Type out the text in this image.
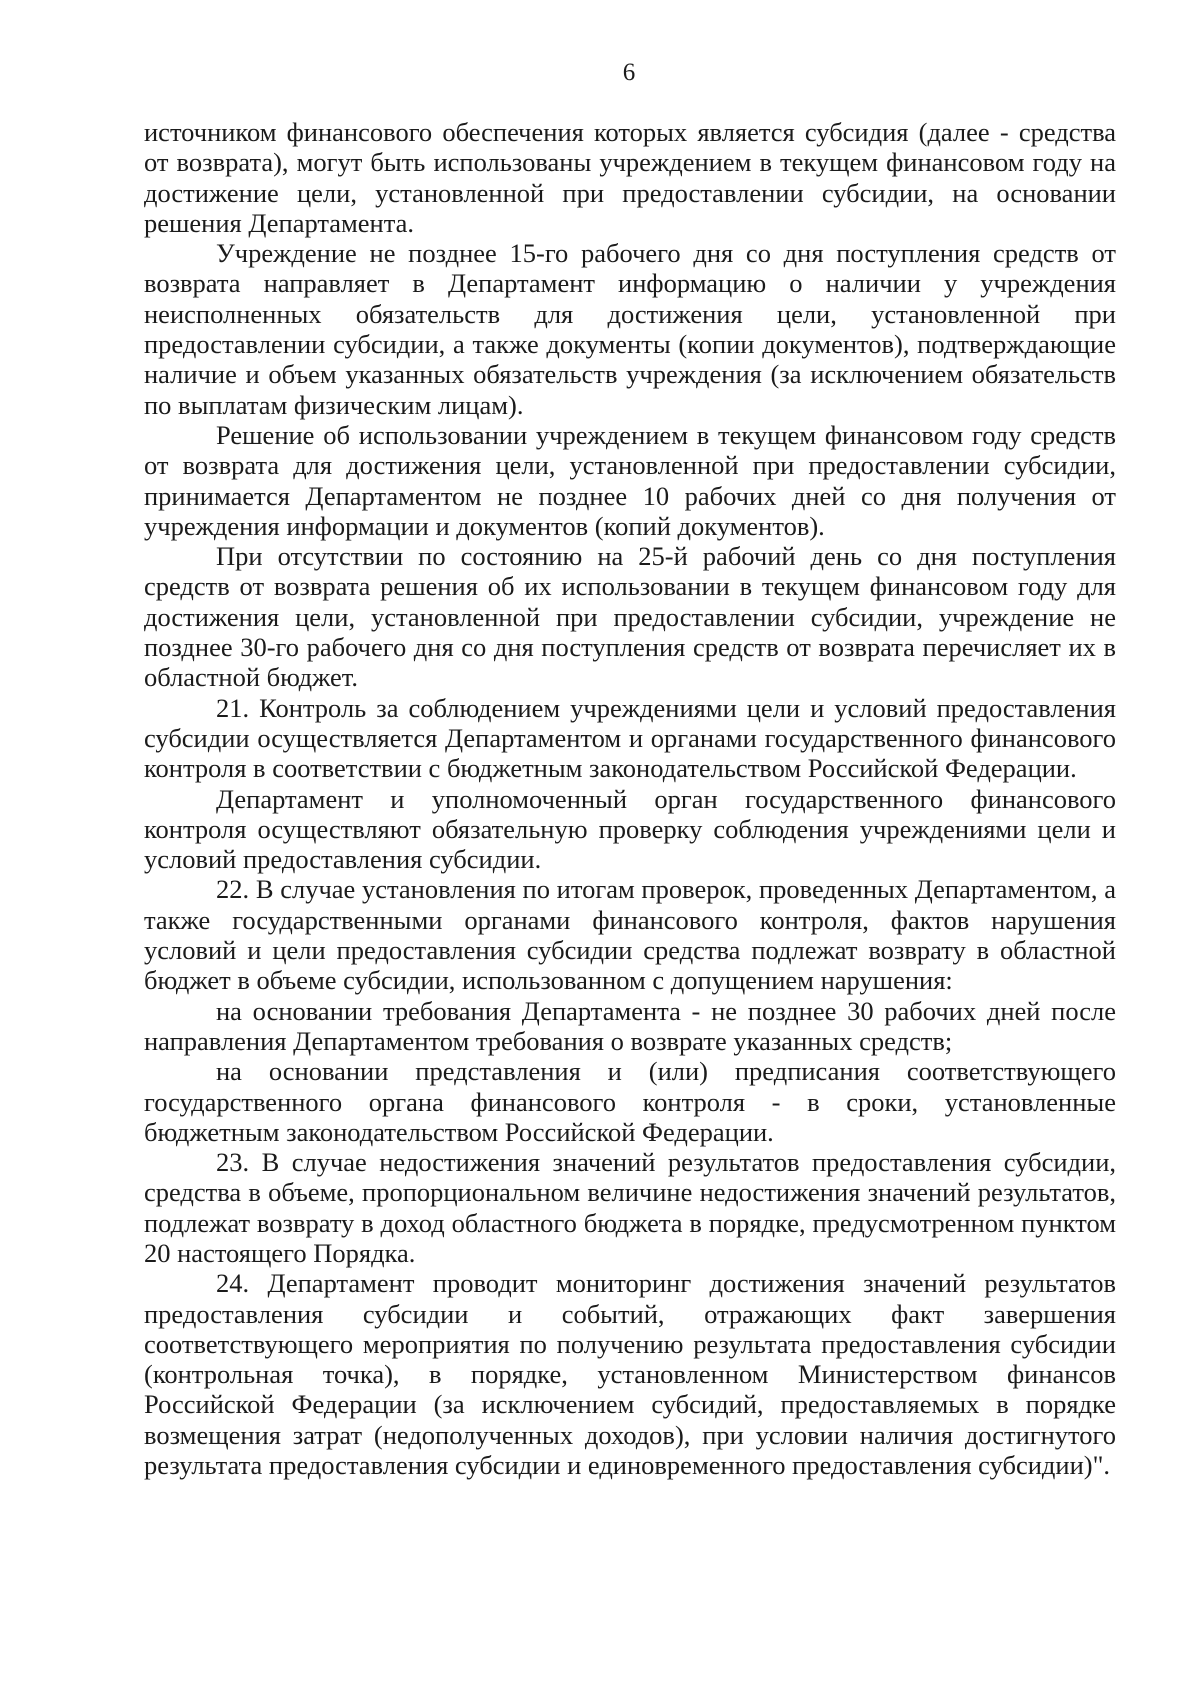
6

источником финансового обеспечения которых является субсидия (далее - средства от возврата), могут быть использованы учреждением в текущем финансовом году на достижение цели, установленной при предоставлении субсидии, на основании решения Департамента.

Учреждение не позднее 15-го рабочего дня со дня поступления средств от возврата направляет в Департамент информацию о наличии у учреждения неисполненных обязательств для достижения цели, установленной при предоставлении субсидии, а также документы (копии документов), подтверждающие наличие и объем указанных обязательств учреждения (за исключением обязательств по выплатам физическим лицам).

Решение об использовании учреждением в текущем финансовом году средств от возврата для достижения цели, установленной при предоставлении субсидии, принимается Департаментом не позднее 10 рабочих дней со дня получения от учреждения информации и документов (копий документов).

При отсутствии по состоянию на 25-й рабочий день со дня поступления средств от возврата решения об их использовании в текущем финансовом году для достижения цели, установленной при предоставлении субсидии, учреждение не позднее 30-го рабочего дня со дня поступления средств от возврата перечисляет их в областной бюджет.

21. Контроль за соблюдением учреждениями цели и условий предоставления субсидии осуществляется Департаментом и органами государственного финансового контроля в соответствии с бюджетным законодательством Российской Федерации.

Департамент и уполномоченный орган государственного финансового контроля осуществляют обязательную проверку соблюдения учреждениями цели и условий предоставления субсидии.

22. В случае установления по итогам проверок, проведенных Департаментом, а также государственными органами финансового контроля, фактов нарушения условий и цели предоставления субсидии средства подлежат возврату в областной бюджет в объеме субсидии, использованном с допущением нарушения:

на основании требования Департамента - не позднее 30 рабочих дней после направления Департаментом требования о возврате указанных средств;

на основании представления и (или) предписания соответствующего государственного органа финансового контроля - в сроки, установленные бюджетным законодательством Российской Федерации.

23. В случае недостижения значений результатов предоставления субсидии, средства в объеме, пропорциональном величине недостижения значений результатов, подлежат возврату в доход областного бюджета в порядке, предусмотренном пунктом 20 настоящего Порядка.

24. Департамент проводит мониторинг достижения значений результатов предоставления субсидии и событий, отражающих факт завершения соответствующего мероприятия по получению результата предоставления субсидии (контрольная точка), в порядке, установленном Министерством финансов Российской Федерации (за исключением субсидий, предоставляемых в порядке возмещения затрат (недополученных доходов), при условии наличия достигнутого результата предоставления субсидии и единовременного предоставления субсидии)".
